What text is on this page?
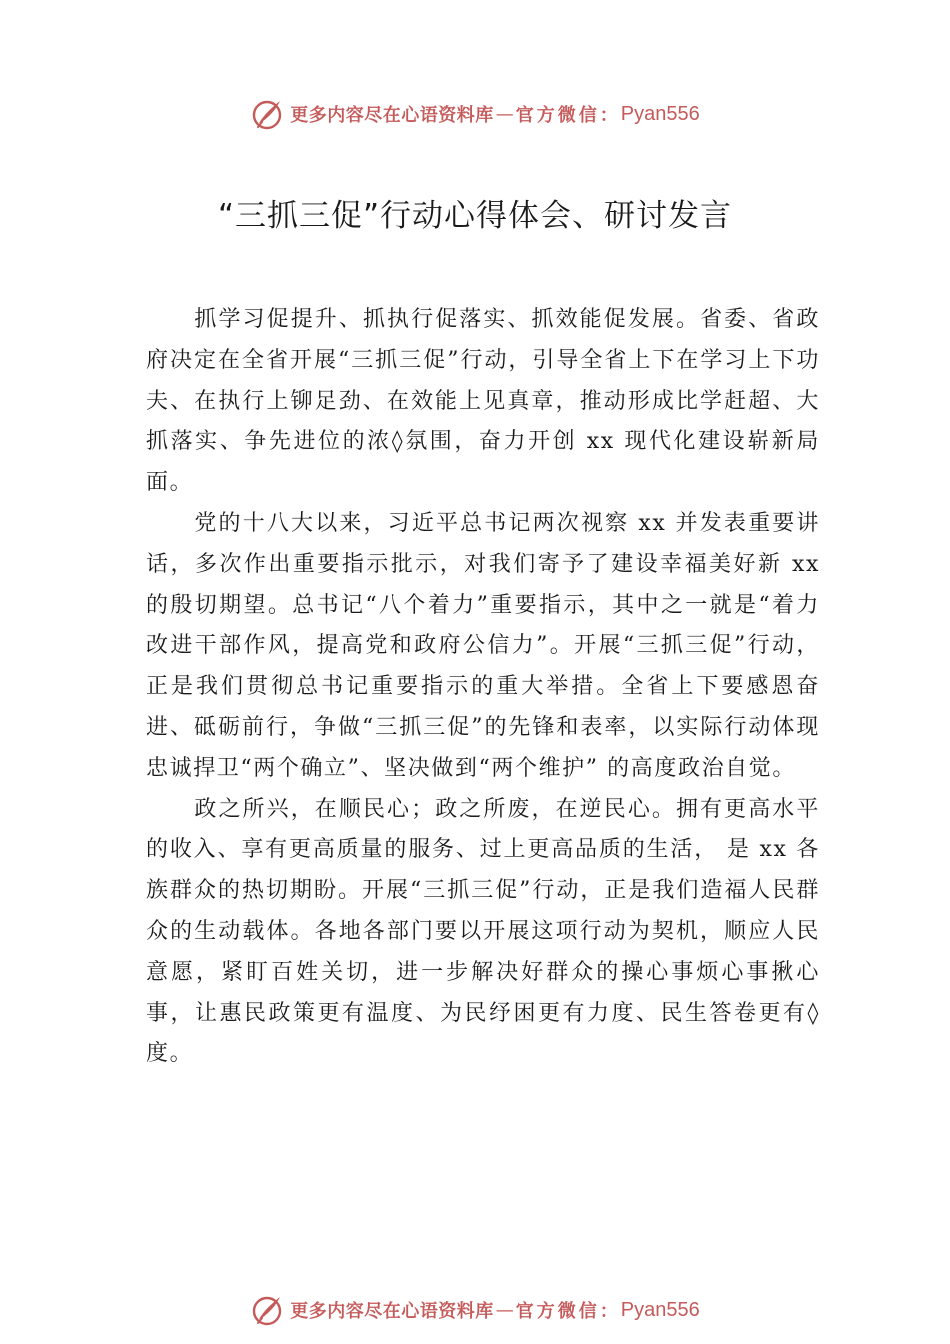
更多内容尽在心语资料库 — 官方微信： Pyan556
“三抓三促”行动心得体会、研讨发言

抓学习促提升、抓执行促落实、抓效能促发展。省委、省政府决定在全省开展“三抓三促”行动，引导全省上下在学习上下功夫、在执行上铆足劲、在效能上见真章，推动形成比学赶超、大抓落实、争先进位的浓◊氛围，奋力开创 xx 现代化建设崭新局面。

党的十八大以来，习近平总书记两次视察 xx 并发表重要讲话，多次作出重要指示批示，对我们寄予了建设幸福美好新 xx 的殷切期望。总书记“八个着力”重要指示，其中之一就是“着力改进干部作风，提高党和政府公信力”。开展“三抓三促”行动，正是我们贯彻总书记重要指示的重大举措。全省上下要感恩奋进、砥砺前行，争做“三抓三促”的先锋和表率，以实际行动体现忠诚捍卫“两个确立”、坚决做到“两个维护” 的高度政治自觉。

政之所兴，在顺民心；政之所废，在逆民心。拥有更高水平的收入、享有更高质量的服务、过上更高品质的生活， 是 xx 各族群众的热切期盼。开展“三抓三促”行动，正是我们造福人民群众的生动载体。各地各部门要以开展这项行动为契机，顺应人民意愿，紧盯百姓关切，进一步解决好群众的操心事烦心事揪心事，让惠民政策更有温度、为民纾困更有力度、民生答卷更有◊度。

更多内容尽在心语资料库 — 官方微信： Pyan556
